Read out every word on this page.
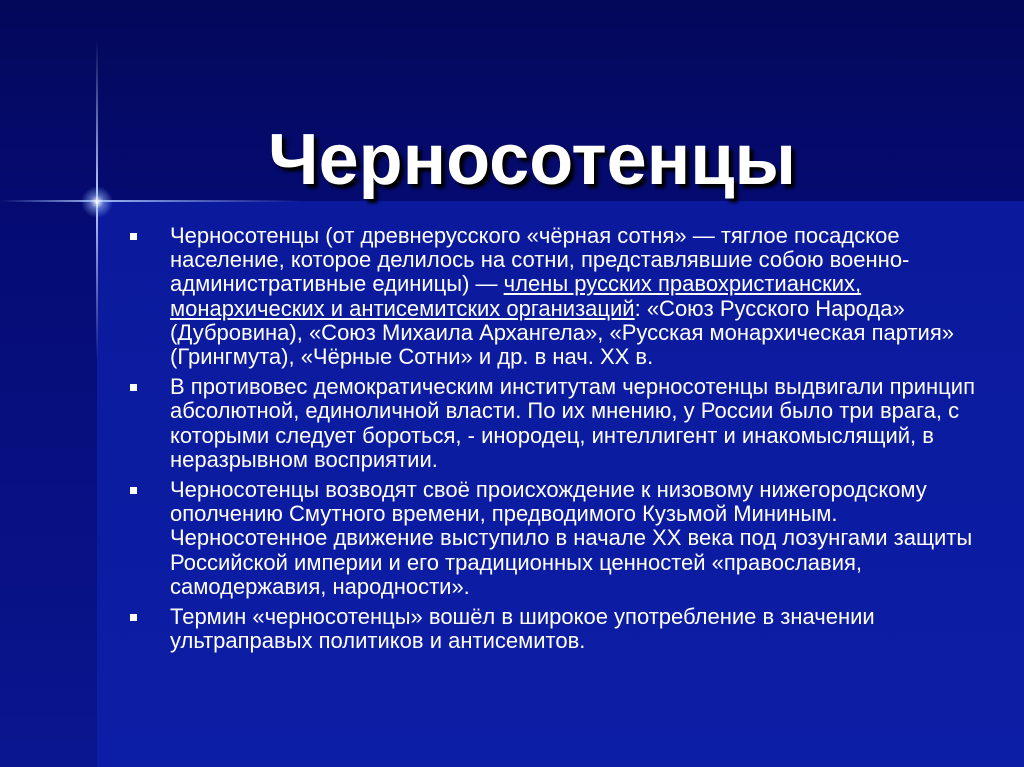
Черносотенцы
Черносотенцы (от древнерусского «чёрная сотня» — тяглое посадское население, которое делилось на сотни, представлявшие собою военно-административные единицы) — члены русских правохристианских, монархических и антисемитских организаций: «Союз Русского Народа» (Дубровина), «Союз Михаила Архангела», «Русская монархическая партия» (Грингмута), «Чёрные Сотни» и др. в нач. XX в.
В противовес демократическим институтам черносотенцы выдвигали принцип абсолютной, единоличной власти. По их мнению, у России было три врага, с которыми следует бороться, - инородец, интеллигент и инакомыслящий, в неразрывном восприятии.
Черносотенцы возводят своё происхождение к низовому нижегородскому ополчению Смутного времени, предводимого Кузьмой Мининым. Черносотенное движение выступило в начале XX века под лозунгами защиты Российской империи и его традиционных ценностей «православия, самодержавия, народности».
Термин «черносотенцы» вошёл в широкое употребление в значении ультраправых политиков и антисемитов.
